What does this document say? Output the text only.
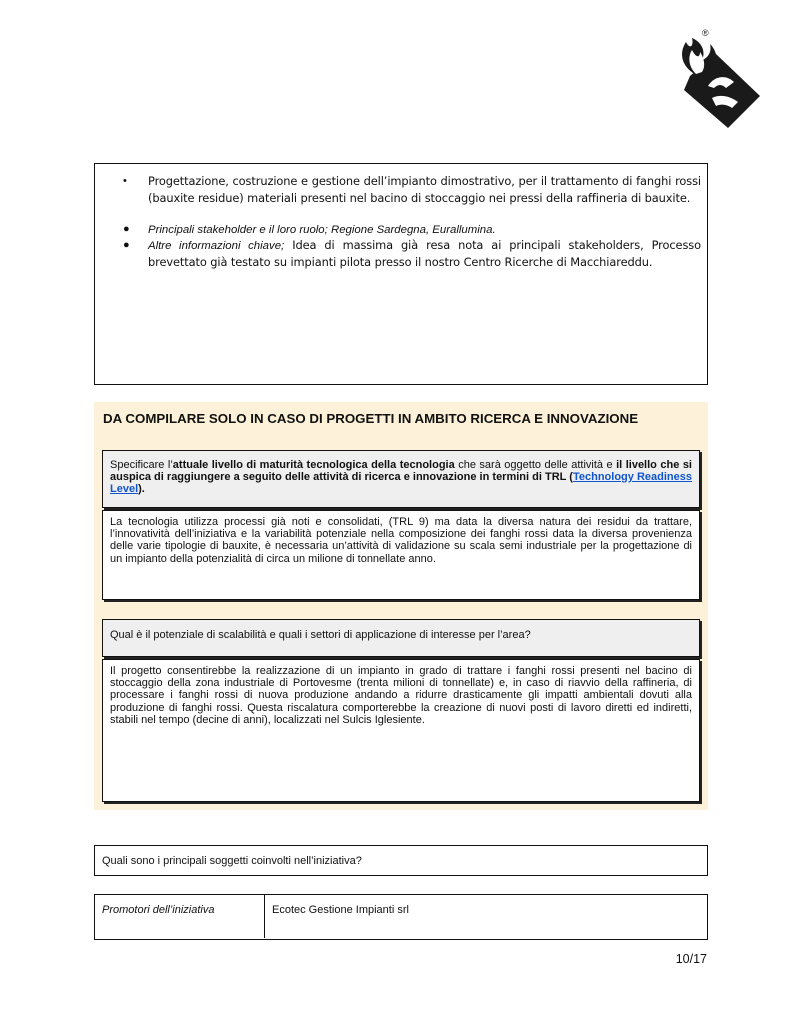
®
•	Progettazione, costruzione e gestione dell’impianto dimostrativo, per il trattamento di fanghi rossi (bauxite residue) materiali presenti nel bacino di stoccaggio nei pressi della raffineria di bauxite.
● Principali stakeholder e il loro ruolo; Regione Sardegna, Eurallumina.
● Altre informazioni chiave; Idea di massima già resa nota ai principali stakeholders, Processo brevettato già testato su impianti pilota presso il nostro Centro Ricerche di Macchiareddu.
DA COMPILARE SOLO IN CASO DI PROGETTI IN AMBITO RICERCA E INNOVAZIONE
Specificare l’attuale livello di maturità tecnologica della tecnologia che sarà oggetto delle attività e il livello che si auspica di raggiungere a seguito delle attività di ricerca e innovazione in termini di TRL (Technology Readiness Level).
La tecnologia utilizza processi già noti e consolidati, (TRL 9) ma data la diversa natura dei residui da trattare, l’innovatività dell’iniziativa e la variabilità potenziale nella composizione dei fanghi rossi data la diversa provenienza delle varie tipologie di bauxite, è necessaria un’attività di validazione su scala semi industriale per la progettazione di un impianto della potenzialità di circa un milione di tonnellate anno.
Qual è il potenziale di scalabilità e quali i settori di applicazione di interesse per l’area?
Il progetto consentirebbe la realizzazione di un impianto in grado di trattare i fanghi rossi presenti nel bacino di stoccaggio della zona industriale di Portovesme (trenta milioni di tonnellate) e, in caso di riavvio della raffineria, di processare i fanghi rossi di nuova produzione andando a ridurre drasticamente gli impatti ambientali dovuti alla produzione di fanghi rossi. Questa riscalatura comporterebbe la creazione di nuovi posti di lavoro diretti ed indiretti, stabili nel tempo (decine di anni), localizzati nel Sulcis Iglesiente.
Quali sono i principali soggetti coinvolti nell’iniziativa?
Promotori dell’iniziativa	Ecotec Gestione Impianti srl
10/17
